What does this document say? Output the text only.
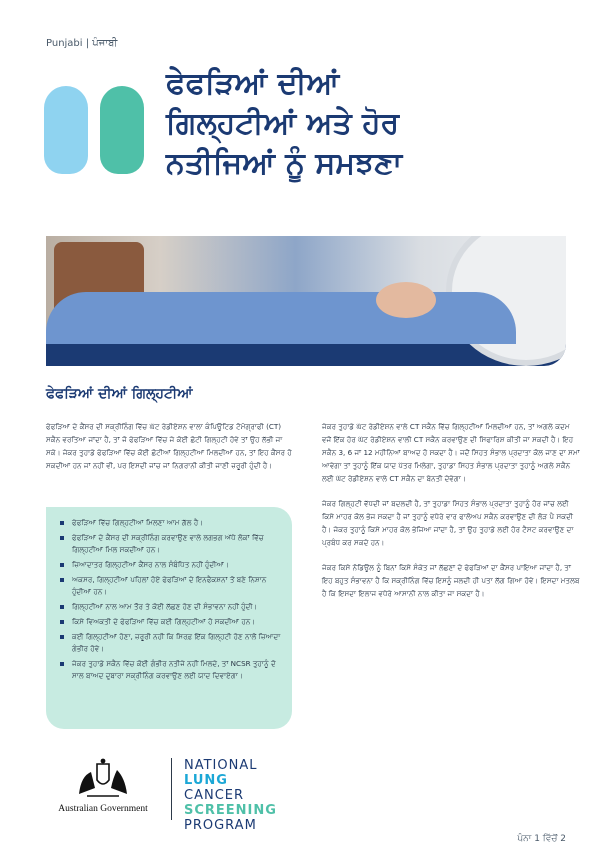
Punjabi | ਪੰਜਾਬੀ
ਫੇਫੜਿਆਂ ਦੀਆਂ
ਗਿਲ੍ਹਟੀਆਂ ਅਤੇ ਹੋਰ
ਨਤੀਜਿਆਂ ਨੂੰ ਸਮਝਣਾ
ਫੇਫੜਿਆਂ ਦੀਆਂ ਗਿਲ੍ਹਟੀਆਂ

ਫੇਫੜਿਆਂ ਦੇ ਕੈਂਸਰ ਦੀ ਸਕ੍ਰੀਨਿੰਗ ਵਿੱਚ ਘੱਟ ਰੇਡੀਏਸ਼ਨ ਵਾਲਾ ਕੰਪਿਊਟਿਡ ਟੋਮੋਗ੍ਰਾਫੀ (CT) ਸਕੈਨ ਵਰਤਿਆ ਜਾਂਦਾ ਹੈ, ਤਾਂ ਜੋ ਫੇਫੜਿਆਂ ਵਿੱਚ ਜੇ ਕੋਈ ਛੋਟੀ ਗਿਲ੍ਹਟੀ ਹੋਵੇ ਤਾਂ ਉਹ ਲੱਭੀ ਜਾ ਸਕੇ। ਜੇਕਰ ਤੁਹਾਡੇ ਫੇਫੜਿਆਂ ਵਿੱਚ ਕੋਈ ਛੋਟੀਆਂ ਗਿਲ੍ਹਟੀਆਂ ਮਿਲਦੀਆਂ ਹਨ, ਤਾਂ ਇਹ ਕੈਂਸਰ ਹੋ ਸਕਦੀਆਂ ਹਨ ਜਾਂ ਨਹੀਂ ਵੀ, ਪਰ ਇਸਦੀ ਜਾਂਚ ਜਾਂ ਨਿਗਰਾਨੀ ਕੀਤੀ ਜਾਣੀ ਜ਼ਰੂਰੀ ਹੁੰਦੀ ਹੈ।

ਫੇਫੜਿਆਂ ਵਿੱਚ ਗਿਲ੍ਹਟੀਆਂ ਮਿਲਣਾ ਆਮ ਗੱਲ ਹੈ।
ਫੇਫੜਿਆਂ ਦੇ ਕੈਂਸਰ ਦੀ ਸਕ੍ਰੀਨਿੰਗ ਕਰਵਾਉਣ ਵਾਲੇ ਲਗਭਗ ਅੱਧੇ ਲੋਕਾਂ ਵਿੱਚ ਗਿਲ੍ਹਟੀਆਂ ਮਿਲ ਸਕਦੀਆਂ ਹਨ।
ਜ਼ਿਆਦਾਤਰ ਗਿਲ੍ਹਟੀਆਂ ਕੈਂਸਰ ਨਾਲ ਸੰਬੰਧਿਤ ਨਹੀਂ ਹੁੰਦੀਆਂ।
ਅਕਸਰ, ਗਿਲ੍ਹਟੀਆਂ ਪਹਿਲਾਂ ਹੋਏ ਫੇਫੜਿਆਂ ਦੇ ਇਨਫੈਕਸ਼ਨਾਂ ਤੋਂ ਬਣੇ ਨਿਸ਼ਾਨ ਹੁੰਦੀਆਂ ਹਨ।
ਗਿਲ੍ਹਟੀਆਂ ਨਾਲ ਆਮ ਤੌਰ ਤੇ ਕੋਈ ਲੱਛਣ ਹੋਣ ਦੀ ਸੰਭਾਵਨਾ ਨਹੀਂ ਹੁੰਦੀ।
ਕਿਸੇ ਵਿਅਕਤੀ ਦੇ ਫੇਫੜਿਆਂ ਵਿੱਚ ਕਈ ਗਿਲ੍ਹਟੀਆਂ ਹੋ ਸਕਦੀਆਂ ਹਨ।
ਕਈ ਗਿਲ੍ਹਟੀਆਂ ਹੋਣਾ, ਜ਼ਰੂਰੀ ਨਹੀਂ ਕਿ ਸਿਰਫ਼ ਇੱਕ ਗਿਲ੍ਹਟੀ ਹੋਣ ਨਾਲੋਂ ਜ਼ਿਆਦਾ ਗੰਭੀਰ ਹੋਵੇ।
ਜੇਕਰ ਤੁਹਾਡੇ ਸਕੈਨ ਵਿੱਚ ਕੋਈ ਗੰਭੀਰ ਨਤੀਜੇ ਨਹੀਂ ਮਿਲਦੇ, ਤਾਂ NCSR ਤੁਹਾਨੂੰ ਦੋ ਸਾਲ ਬਾਅਦ ਦੁਬਾਰਾ ਸਕ੍ਰੀਨਿੰਗ ਕਰਵਾਉਣ ਲਈ ਯਾਦ ਦਿਵਾਏਗਾ।

ਜੇਕਰ ਤੁਹਾਡੇ ਘੱਟ ਰੇਡੀਏਸ਼ਨ ਵਾਲੇ CT ਸਕੈਨ ਵਿੱਚ ਗਿਲ੍ਹਟੀਆਂ ਮਿਲਦੀਆਂ ਹਨ, ਤਾਂ ਅਗਲੇ ਕਦਮ ਵਜੋਂ ਇੱਕ ਹੋਰ ਘੱਟ ਰੇਡੀਏਸ਼ਨ ਵਾਲੀ CT ਸਕੈਨ ਕਰਵਾਉਣ ਦੀ ਸਿਫਾਰਿਸ਼ ਕੀਤੀ ਜਾ ਸਕਦੀ ਹੈ। ਇਹ ਸਕੈਨ 3, 6 ਜਾਂ 12 ਮਹੀਨਿਆਂ ਬਾਅਦ ਹੋ ਸਕਦਾ ਹੈ। ਜਦੋਂ ਸਿਹਤ ਸੰਭਾਲ ਪ੍ਰਦਾਤਾ ਕੋਲ ਜਾਣ ਦਾ ਸਮਾਂ ਆਵੇਗਾ ਤਾਂ ਤੁਹਾਨੂੰ ਇੱਕ ਯਾਦ ਪੱਤਰ ਮਿਲੇਗਾ, ਤੁਹਾਡਾ ਸਿਹਤ ਸੰਭਾਲ ਪ੍ਰਦਾਤਾ ਤੁਹਾਨੂੰ ਅਗਲੇ ਸਕੈਨ ਲਈ ਘੱਟ ਰੇਡੀਏਸ਼ਨ ਵਾਲੇ CT ਸਕੈਨ ਦਾ ਬੇਨਤੀ ਦੇਵੇਗਾ।

ਜੇਕਰ ਗਿਲ੍ਹਟੀ ਵੱਧਦੀ ਜਾਂ ਬਦਲਦੀ ਹੈ, ਤਾਂ ਤੁਹਾਡਾ ਸਿਹਤ ਸੰਭਾਲ ਪ੍ਰਦਾਤਾ ਤੁਹਾਨੂੰ ਹੋਰ ਜਾਂਚ ਲਈ ਕਿਸੇ ਮਾਹਰ ਕੋਲ ਭੇਜ ਸਕਦਾ ਹੈ ਜਾਂ ਤੁਹਾਨੂੰ ਵਧੇਰੇ ਵਾਰ ਫਾਲੋਅਪ ਸਕੈਨ ਕਰਵਾਉਣ ਦੀ ਲੋੜ ਪੈ ਸਕਦੀ ਹੈ। ਜੇਕਰ ਤੁਹਾਨੂੰ ਕਿਸੇ ਮਾਹਰ ਕੋਲ ਭੇਜਿਆ ਜਾਂਦਾ ਹੈ, ਤਾਂ ਉਹ ਤੁਹਾਡੇ ਲਈ ਹੋਰ ਟੈਸਟ ਕਰਵਾਉਣ ਦਾ ਪ੍ਰਬੰਧ ਕਰ ਸਕਦੇ ਹਨ।

ਜੇਕਰ ਕਿਸੇ ਨੋਡਿਊਲ ਨੂੰ ਬਿਨਾਂ ਕਿਸੇ ਸੰਕੇਤ ਜਾਂ ਲੱਛਣਾਂ ਦੇ ਫੇਫੜਿਆਂ ਦਾ ਕੈਂਸਰ ਪਾਇਆ ਜਾਂਦਾ ਹੈ, ਤਾਂ ਇਹ ਬਹੁਤ ਸੰਭਾਵਨਾ ਹੈ ਕਿ ਸਕ੍ਰੀਨਿੰਗ ਵਿੱਚ ਇਸਨੂੰ ਜਲਦੀ ਹੀ ਪਤਾ ਲੱਗ ਗਿਆ ਹੋਵੇ। ਇਸਦਾ ਮਤਲਬ ਹੈ ਕਿ ਇਸਦਾ ਇਲਾਜ ਵਧੇਰੇ ਆਸਾਨੀ ਨਾਲ ਕੀਤਾ ਜਾ ਸਕਦਾ ਹੈ।

Australian Government
NATIONAL
LUNG
CANCER
SCREENING
PROGRAM
ਪੰਨਾ 1 ਵਿੱਚੋਂ 2
